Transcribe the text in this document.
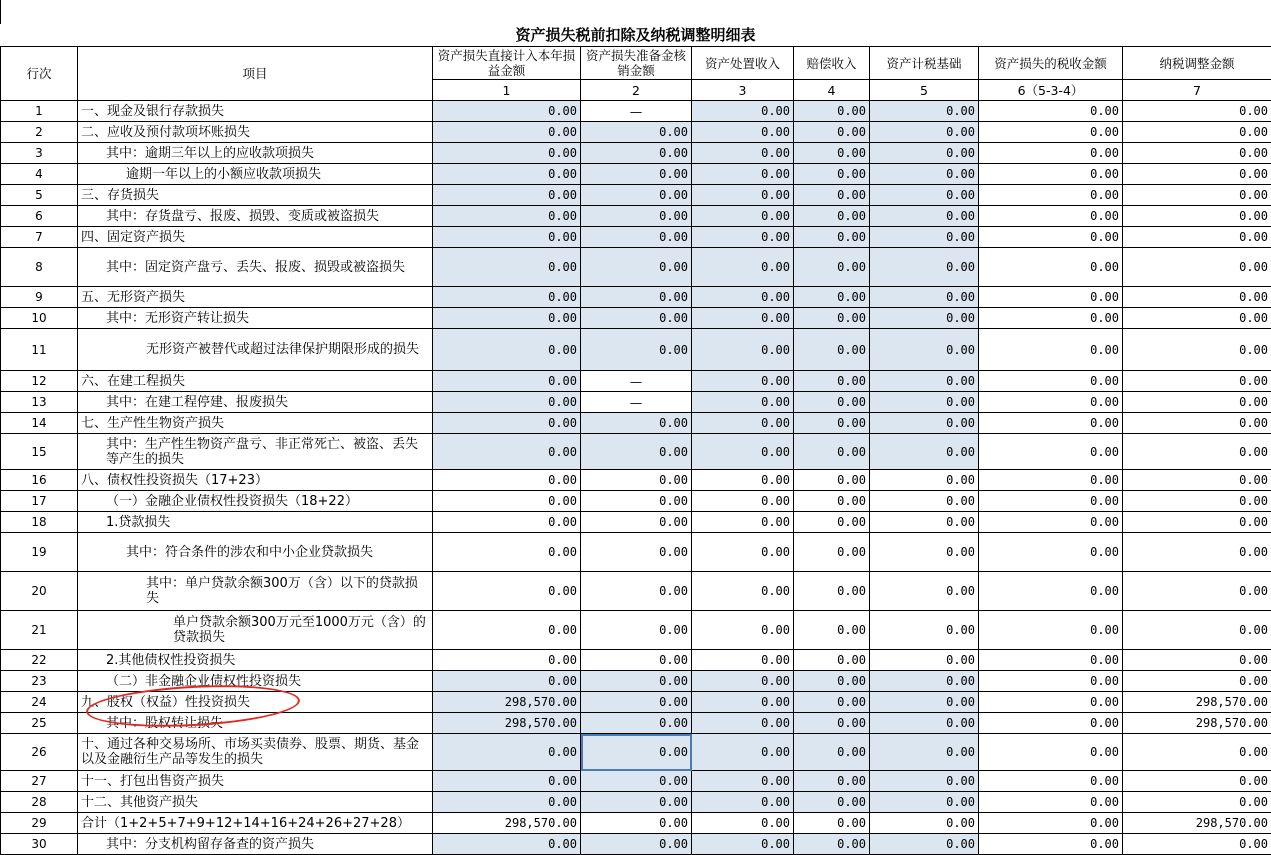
资产损失税前扣除及纳税调整明细表
行次	项目	资产损失直接计入本年损益金额	资产损失准备金核销金额	资产处置收入	赔偿收入	资产计税基础	资产损失的税收金额	纳税调整金额
		1	2	3	4	5	6（5-3-4）	7
1	一、现金及银行存款损失	0.00	—	0.00	0.00	0.00	0.00	0.00
2	二、应收及预付款项坏账损失	0.00	0.00	0.00	0.00	0.00	0.00	0.00
3	其中：逾期三年以上的应收款项损失	0.00	0.00	0.00	0.00	0.00	0.00	0.00
4	逾期一年以上的小额应收款项损失	0.00	0.00	0.00	0.00	0.00	0.00	0.00
5	三、存货损失	0.00	0.00	0.00	0.00	0.00	0.00	0.00
6	其中：存货盘亏、报废、损毁、变质或被盗损失	0.00	0.00	0.00	0.00	0.00	0.00	0.00
7	四、固定资产损失	0.00	0.00	0.00	0.00	0.00	0.00	0.00
8	其中：固定资产盘亏、丢失、报废、损毁或被盗损失	0.00	0.00	0.00	0.00	0.00	0.00	0.00
9	五、无形资产损失	0.00	0.00	0.00	0.00	0.00	0.00	0.00
10	其中：无形资产转让损失	0.00	0.00	0.00	0.00	0.00	0.00	0.00
11	无形资产被替代或超过法律保护期限形成的损失	0.00	0.00	0.00	0.00	0.00	0.00	0.00
12	六、在建工程损失	0.00	—	0.00	0.00	0.00	0.00	0.00
13	其中：在建工程停建、报废损失	0.00	—	0.00	0.00	0.00	0.00	0.00
14	七、生产性生物资产损失	0.00	0.00	0.00	0.00	0.00	0.00	0.00
15	其中：生产性生物资产盘亏、非正常死亡、被盗、丢失等产生的损失	0.00	0.00	0.00	0.00	0.00	0.00	0.00
16	八、债权性投资损失（17+23）	0.00	0.00	0.00	0.00	0.00	0.00	0.00
17	（一）金融企业债权性投资损失（18+22）	0.00	0.00	0.00	0.00	0.00	0.00	0.00
18	1.贷款损失	0.00	0.00	0.00	0.00	0.00	0.00	0.00
19	其中：符合条件的涉农和中小企业贷款损失	0.00	0.00	0.00	0.00	0.00	0.00	0.00
20	其中：单户贷款余额300万（含）以下的贷款损失	0.00	0.00	0.00	0.00	0.00	0.00	0.00
21	单户贷款余额300万元至1000万元（含）的 贷款损失	0.00	0.00	0.00	0.00	0.00	0.00	0.00
22	2.其他债权性投资损失	0.00	0.00	0.00	0.00	0.00	0.00	0.00
23	（二）非金融企业债权性投资损失	0.00	0.00	0.00	0.00	0.00	0.00	0.00
24	九、股权（权益）性投资损失	298,570.00	0.00	0.00	0.00	0.00	0.00	298,570.00
25	其中：股权转让损失	298,570.00	0.00	0.00	0.00	0.00	0.00	298,570.00
26	十、通过各种交易场所、市场买卖债券、股票、期货、基金以及金融衍生产品等发生的损失	0.00	0.00	0.00	0.00	0.00	0.00	0.00
27	十一、打包出售资产损失	0.00	0.00	0.00	0.00	0.00	0.00	0.00
28	十二、其他资产损失	0.00	0.00	0.00	0.00	0.00	0.00	0.00
29	合计（1+2+5+7+9+12+14+16+24+26+27+28）	298,570.00	0.00	0.00	0.00	0.00	0.00	298,570.00
30	其中：分支机构留存备查的资产损失	0.00	0.00	0.00	0.00	0.00	0.00	0.00
